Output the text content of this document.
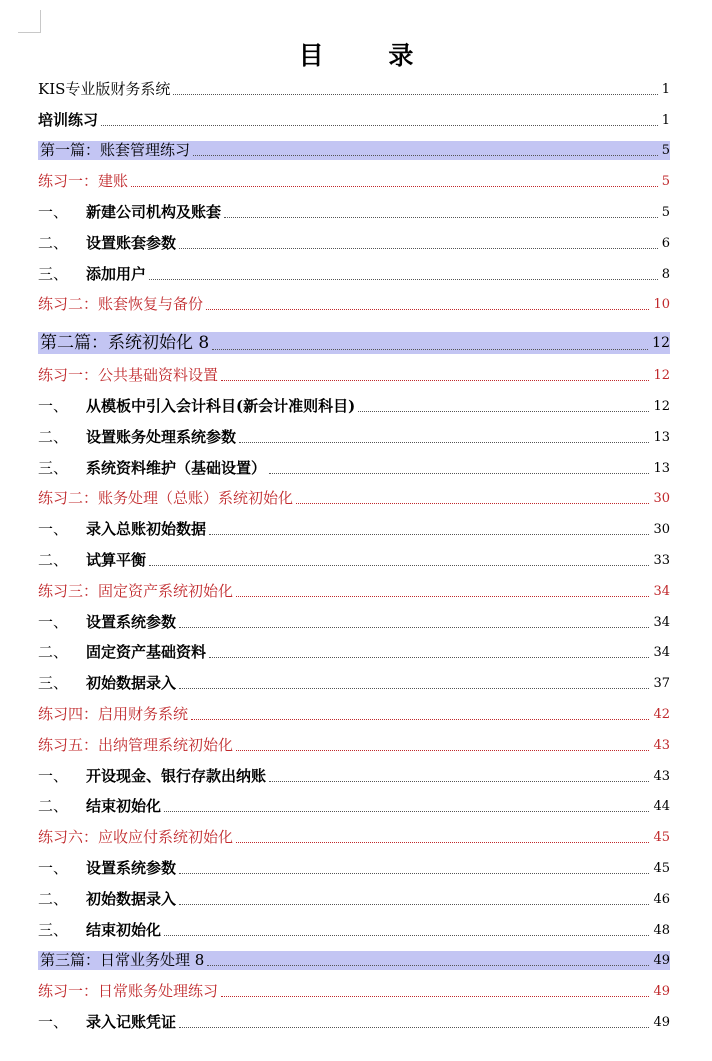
目 录
KIS专业版财务系统	1
培训练习	1
第一篇：账套管理练习	5
练习一：建账	5
一、	新建公司机构及账套	5
二、	设置账套参数	6
三、	添加用户	8
练习二：账套恢复与备份	10
第二篇：系统初始化 8	12
练习一：公共基础资料设置	12
一、	从模板中引入会计科目(新会计准则科目)	12
二、	设置账务处理系统参数	13
三、	系统资料维护（基础设置）	13
练习二：账务处理（总账）系统初始化	30
一、	录入总账初始数据	30
二、	试算平衡	33
练习三：固定资产系统初始化	34
一、	设置系统参数	34
二、	固定资产基础资料	34
三、	初始数据录入	37
练习四：启用财务系统	42
练习五：出纳管理系统初始化	43
一、	开设现金、银行存款出纳账	43
二、	结束初始化	44
练习六：应收应付系统初始化	45
一、	设置系统参数	45
二、	初始数据录入	46
三、	结束初始化	48
第三篇：日常业务处理 8	49
练习一：日常账务处理练习	49
一、	录入记账凭证	49
